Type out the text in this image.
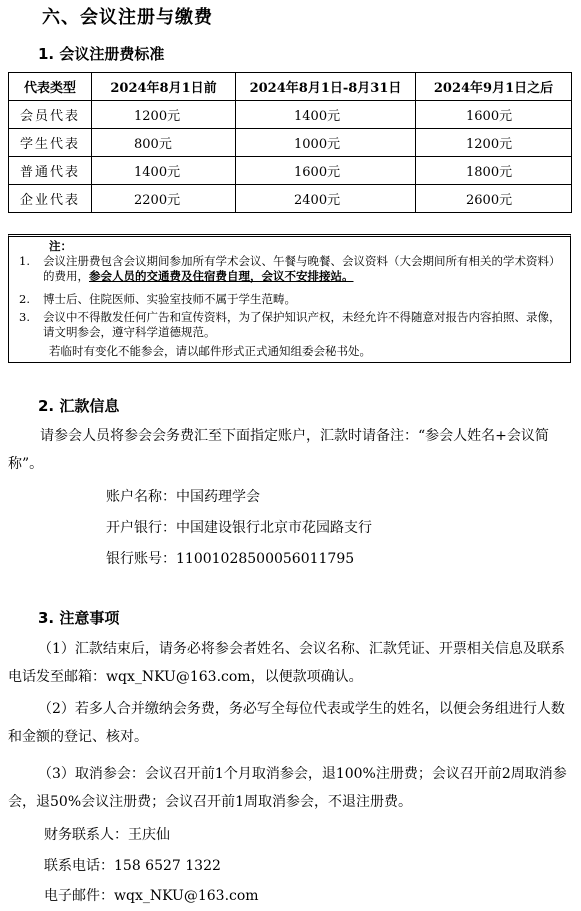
六、会议注册与缴费
1. 会议注册费标准
代表类型	2024年8月1日前	2024年8月1日-8月31日	2024年9月1日之后
会员代表	1200元	1400元	1600元
学生代表	800元	1000元	1200元
普通代表	1400元	1600元	1800元
企业代表	2200元	2400元	2600元
注：
1. 会议注册费包含会议期间参加所有学术会议、午餐与晚餐、会议资料（大会期间所有相关的学术资料）的费用，参会人员的交通费及住宿费自理，会议不安排接站。
2. 博士后、住院医师、实验室技师不属于学生范畴。
3. 会议中不得散发任何广告和宣传资料，为了保护知识产权，未经允许不得随意对报告内容拍照、录像，请文明参会，遵守科学道德规范。
若临时有变化不能参会，请以邮件形式正式通知组委会秘书处。
2. 汇款信息
请参会人员将参会会务费汇至下面指定账户，汇款时请备注：“参会人姓名+会议简称”。
账户名称：中国药理学会
开户银行：中国建设银行北京市花园路支行
银行账号：11001028500056011795
3. 注意事项
（1）汇款结束后，请务必将参会者姓名、会议名称、汇款凭证、开票相关信息及联系电话发至邮箱：wqx_NKU@163.com，以便款项确认。
（2）若多人合并缴纳会务费，务必写全每位代表或学生的姓名，以便会务组进行人数和金额的登记、核对。
（3）取消参会：会议召开前1个月取消参会，退100%注册费；会议召开前2周取消参会，退50%会议注册费；会议召开前1周取消参会，不退注册费。
财务联系人：王庆仙
联系电话：158 6527 1322
电子邮件：wqx_NKU@163.com
